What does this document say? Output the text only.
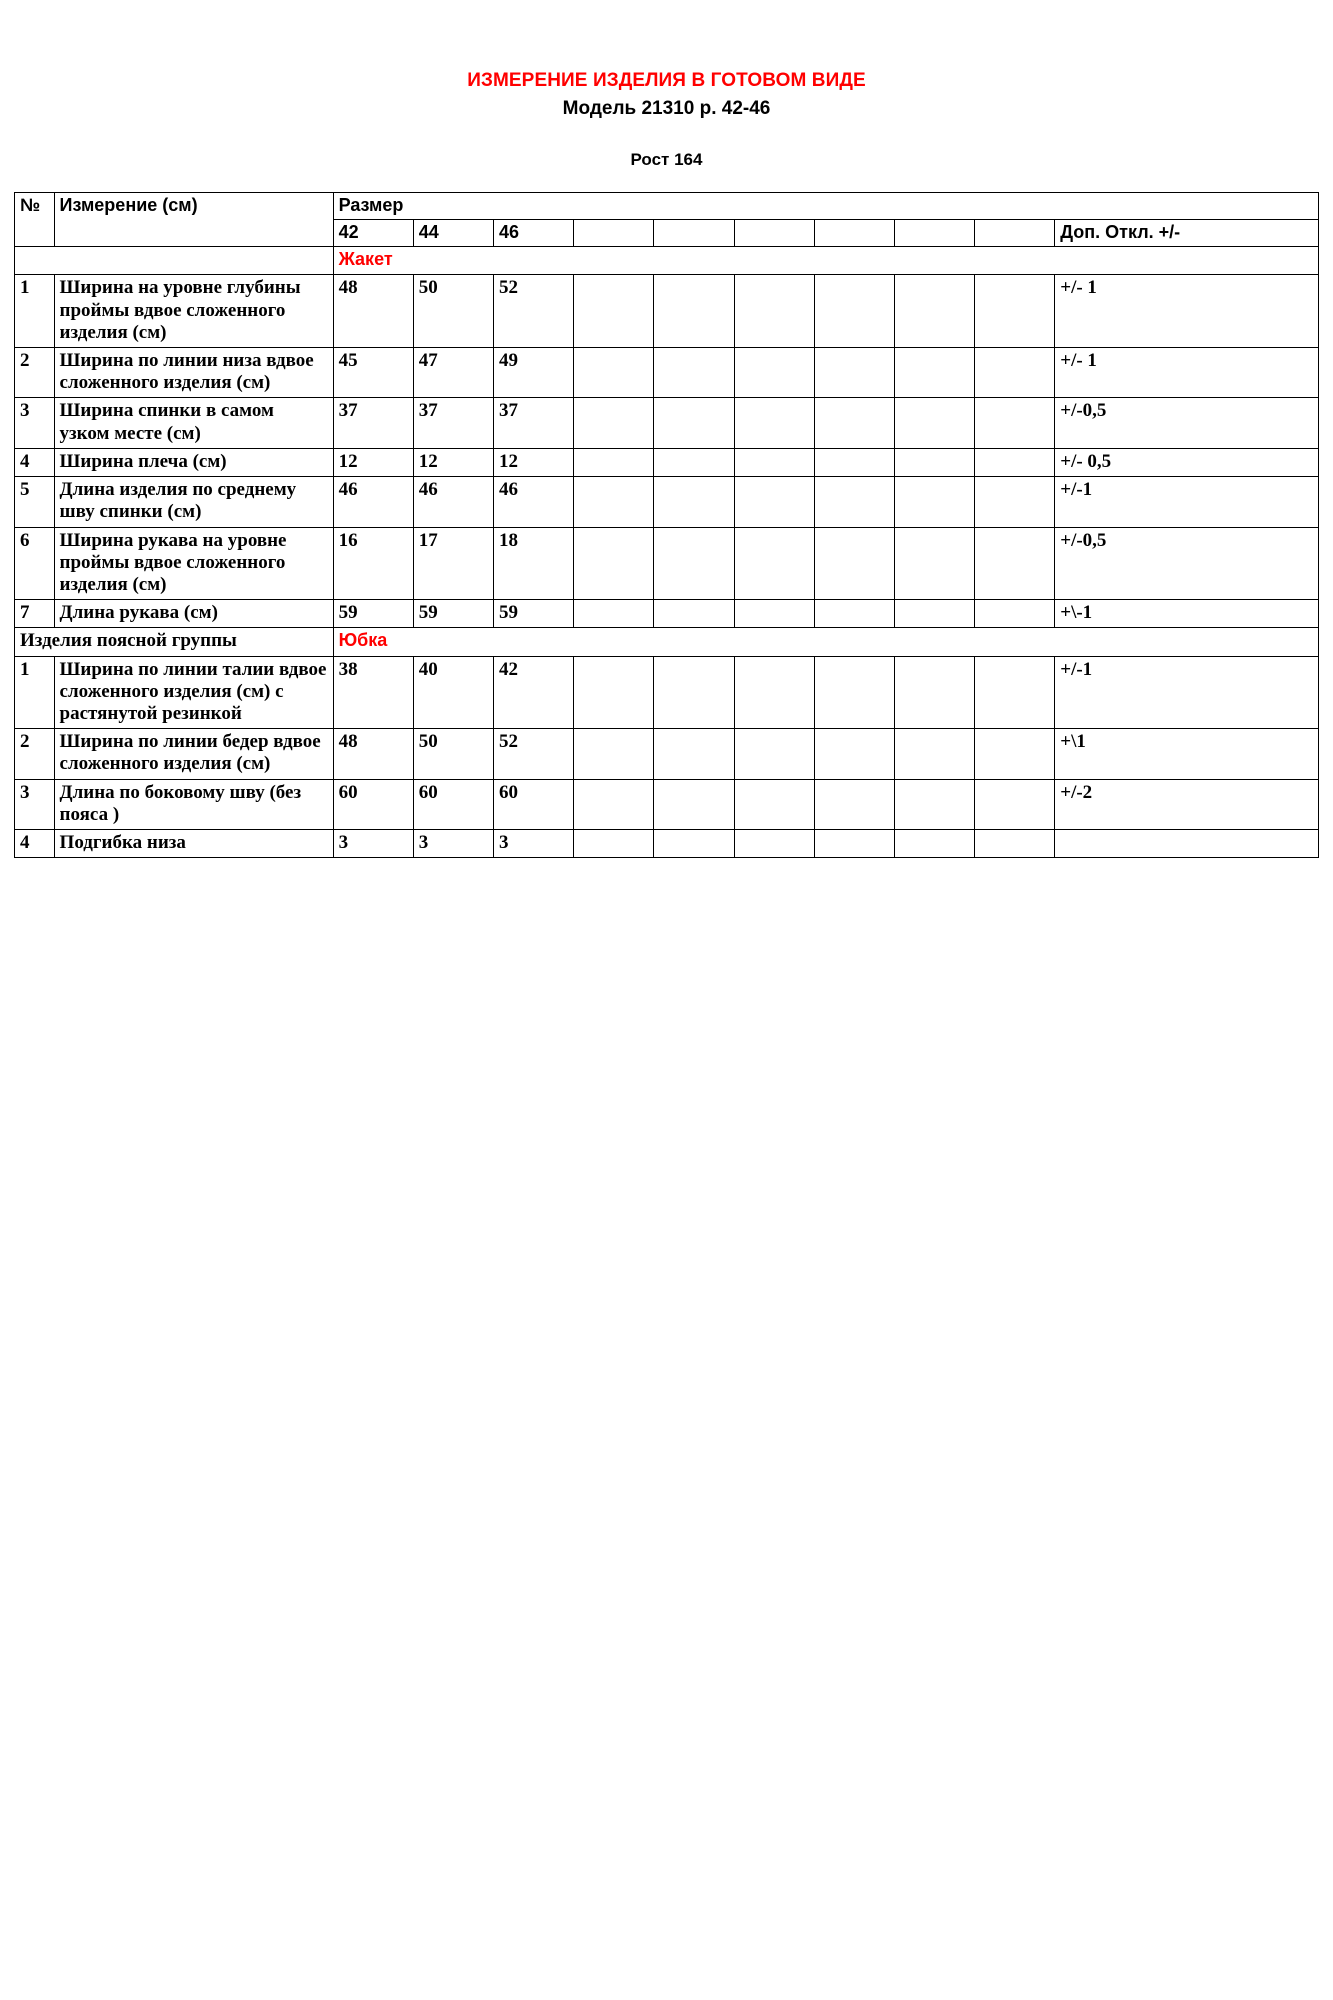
ИЗМЕРЕНИЕ ИЗДЕЛИЯ В ГОТОВОМ ВИДЕ
Модель 21310 р. 42-46
Рост 164
№	Измерение (см)	Размер									
		42	44	46							Доп. Откл. +/-
		Жакет									
1	Ширина на уровне глубины проймы вдвое сложенного изделия (см)	48	50	52							+/- 1
2	Ширина по линии низа вдвое сложенного изделия (см)	45	47	49							+/- 1
3	Ширина спинки в самом узком месте (см)	37	37	37							+/-0,5
4	Ширина плеча (см)	12	12	12							+/- 0,5
5	Длина изделия по среднему шву спинки (см)	46	46	46							+/-1
6	Ширина рукава на уровне проймы вдвое сложенного изделия (см)	16	17	18							+/-0,5
7	Длина рукава (см)	59	59	59							+\-1
Изделия поясной группы		Юбка									
1	Ширина по линии талии вдвое сложенного изделия (см) с растянутой резинкой	38	40	42							+/-1
2	Ширина по линии бедер вдвое сложенного изделия (см)	48	50	52							+\1
3	Длина по боковому шву (без пояса )	60	60	60							+/-2
4	Подгибка низа	3	3	3							
